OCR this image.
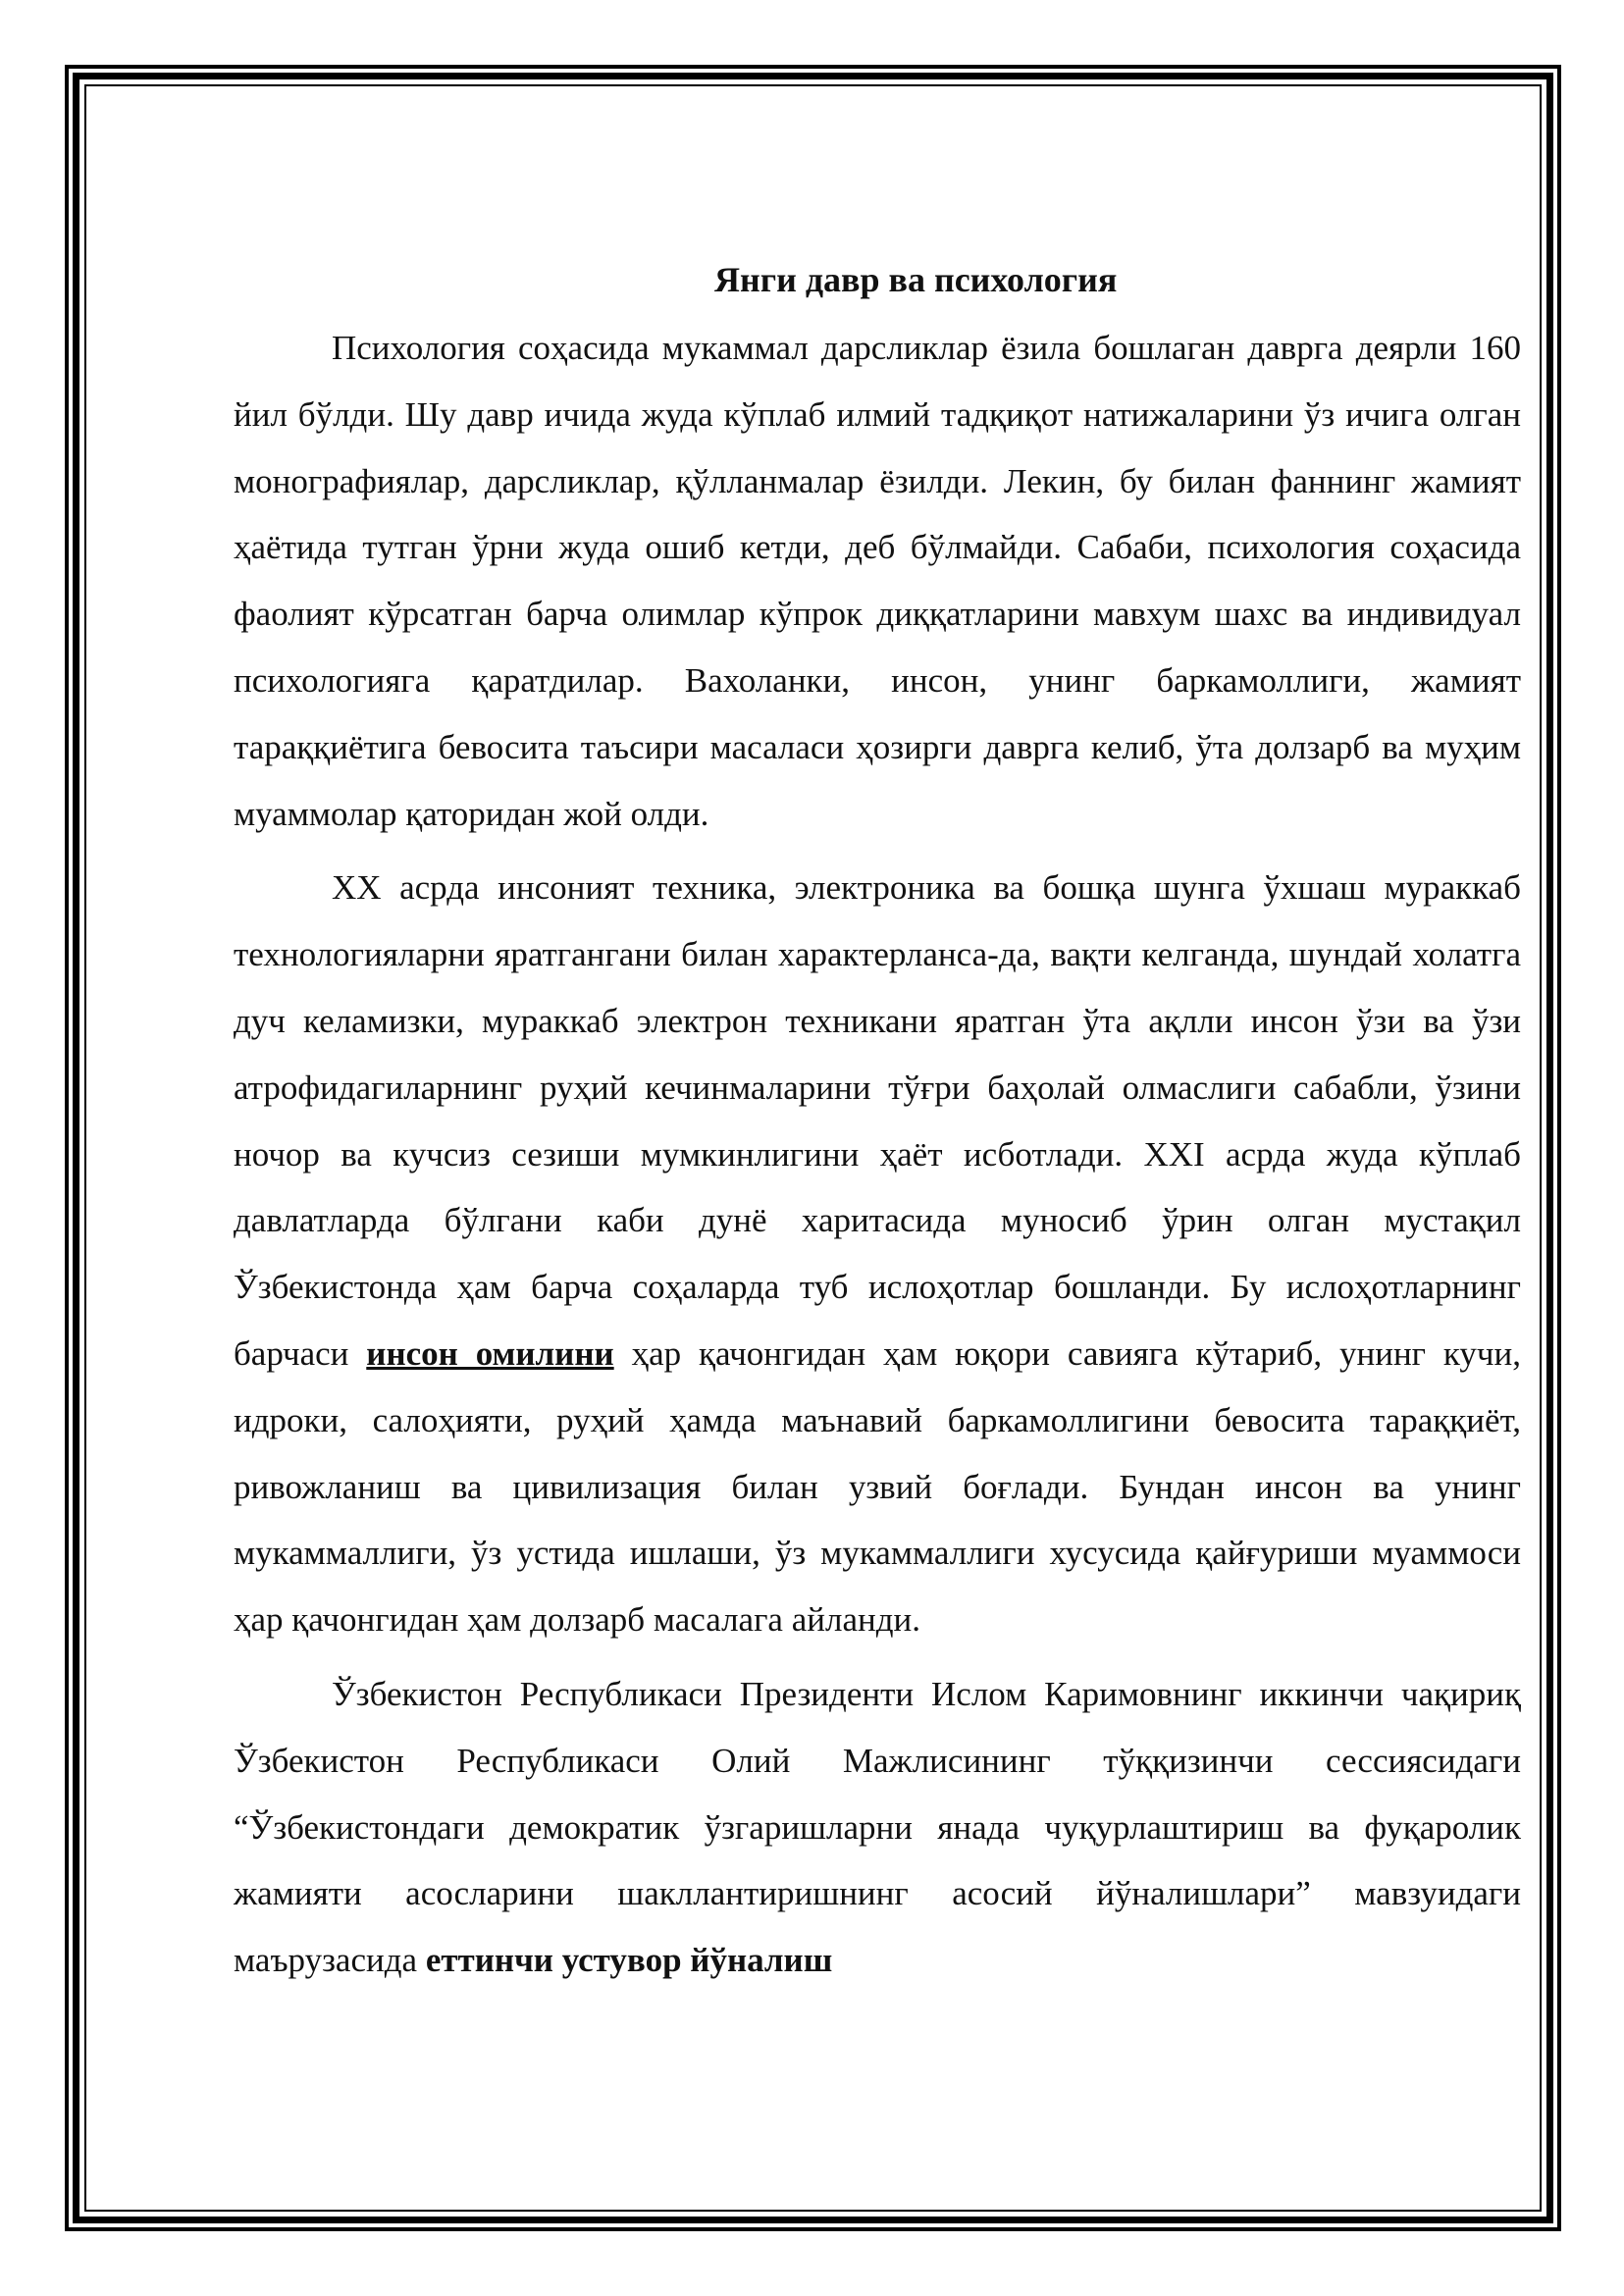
Янги давр ва психология

Психология соҳасида мукаммал дарсликлар ёзила бошлаган даврга деярли 160 йил бўлди. Шу давр ичида жуда кўплаб илмий тадқиқот натижаларини ўз ичига олган монографиялар, дарсликлар, қўлланмалар ёзилди. Лекин, бу билан фаннинг жамият ҳаётида тутган ўрни жуда ошиб кетди, деб бўлмайди. Сабаби, психология соҳасида фаолият кўрсатган барча олимлар кўпрок диққатларини мавхум шахс ва индивидуал психологияга қаратдилар. Вахоланки, инсон, унинг баркамоллиги, жамият тараққиётига бевосита таъсири масаласи ҳозирги даврга келиб, ўта долзарб ва муҳим муаммолар қаторидан жой олди.

XX асрда инсоният техника, электроника ва бошқа шунга ўхшаш мураккаб технологияларни яратгангани билан характерланса-да, вақти келганда, шундай холатга дуч келамизки, мураккаб электрон техникани яратган ўта ақлли инсон ўзи ва ўзи атрофидагиларнинг руҳий кечинмаларини тўғри баҳолай олмаслиги сабабли, ўзини ночор ва кучсиз сезиши мумкинлигини ҳаёт исботлади. XXI асрда жуда кўплаб давлатларда бўлгани каби дунё харитасида муносиб ўрин олган мустақил Ўзбекистонда ҳам барча соҳаларда туб ислоҳотлар бошланди. Бу ислоҳотларнинг барчаси инсон омилини ҳар қачонгидан ҳам юқори савияга кўтариб, унинг кучи, идроки, салоҳияти, руҳий ҳамда маънавий баркамоллигини бевосита тараққиёт, ривожланиш ва цивилизация билан узвий боғлади. Бундан инсон ва унинг мукаммаллиги, ўз устида ишлаши, ўз мукаммаллиги хусусида қайғуриши муаммоси ҳар қачонгидан ҳам долзарб масалага айланди.

Ўзбекистон Республикаси Президенти Ислом Каримовнинг иккинчи чақириқ Ўзбекистон Республикаси Олий Мажлисининг тўққизинчи сессиясидаги “Ўзбекистондаги демократик ўзгаришларни янада чуқурлаштириш ва фуқаролик жамияти асосларини шакллантиришнинг асосий йўналишлари” мавзуидаги маърузасида еттинчи устувор йўналиш
